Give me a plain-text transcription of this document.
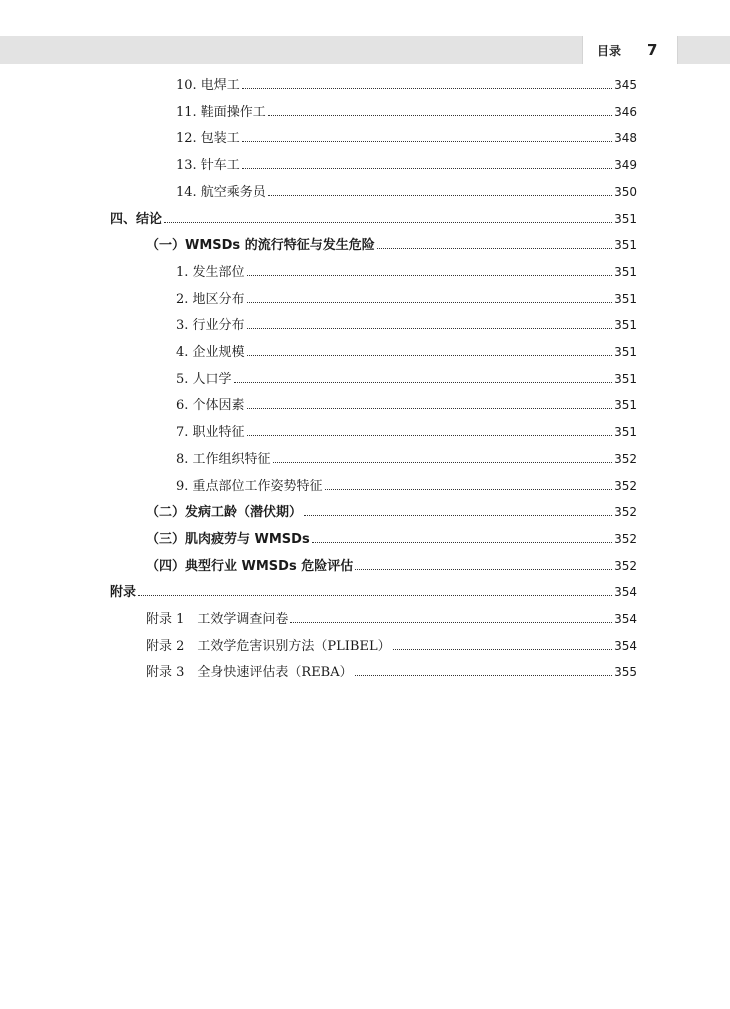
目录 7
10. 电焊工	345
11. 鞋面操作工	346
12. 包装工	348
13. 针车工	349
14. 航空乘务员	350
四、结论	351
（一）WMSDs 的流行特征与发生危险	351
1. 发生部位	351
2. 地区分布	351
3. 行业分布	351
4. 企业规模	351
5. 人口学	351
6. 个体因素	351
7. 职业特征	351
8. 工作组织特征	352
9. 重点部位工作姿势特征	352
（二）发病工龄（潜伏期）	352
（三）肌肉疲劳与 WMSDs	352
（四）典型行业 WMSDs 危险评估	352
附录	354
附录 1　工效学调查问卷	354
附录 2　工效学危害识别方法（PLIBEL）	354
附录 3　全身快速评估表（REBA）	355
